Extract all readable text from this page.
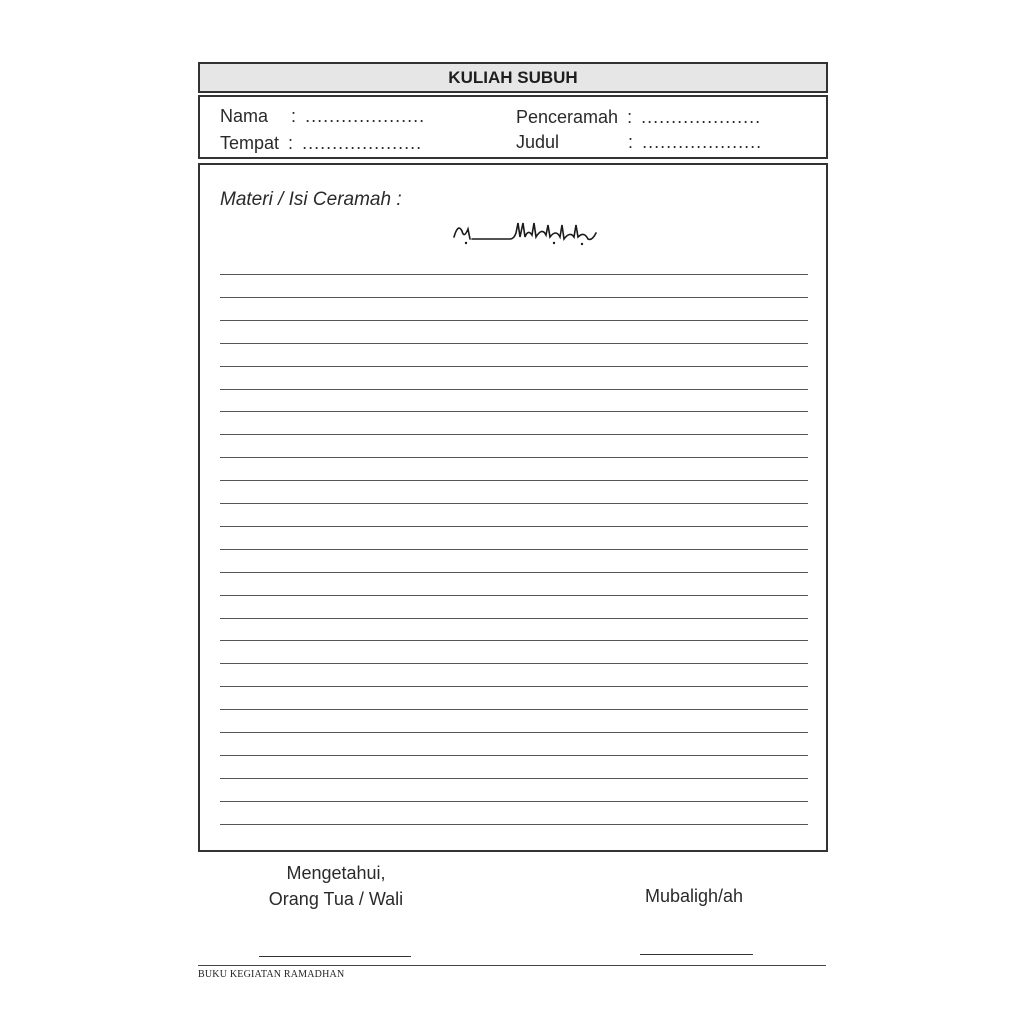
KULIAH SUBUH
Nama : ....................
Tempat : ....................
Penceramah : ....................
Judul	: ....................
Materi / Isi Ceramah :
Mengetahui,
Orang Tua / Wali	Mubaligh/ah
BUKU KEGIATAN RAMADHAN
